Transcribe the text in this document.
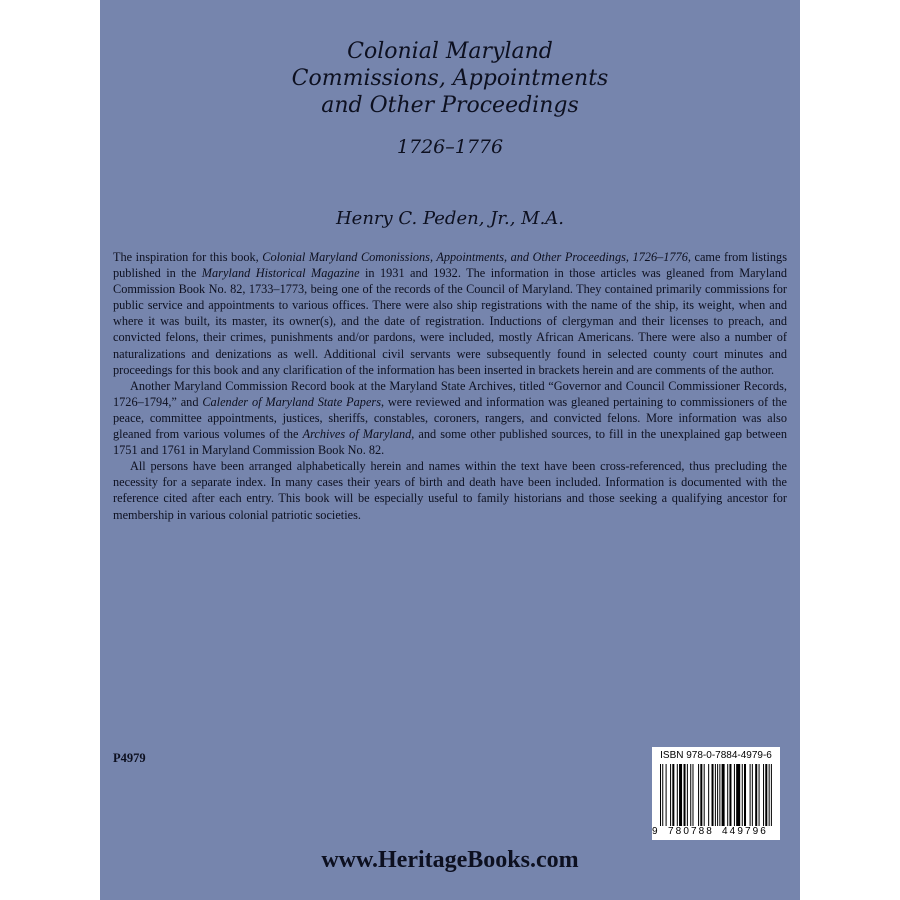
Colonial Maryland
Commissions, Appointments
and Other Proceedings
1726–1776
Henry C. Peden, Jr., M.A.

The inspiration for this book, Colonial Maryland Comonissions, Appointments, and Other Proceedings, 1726–1776, came from listings published in the Maryland Historical Magazine in 1931 and 1932. The information in those articles was gleaned from Maryland Commission Book No. 82, 1733–1773, being one of the records of the Council of Maryland. They contained primarily commissions for public service and appointments to various offices. There were also ship registrations with the name of the ship, its weight, when and where it was built, its master, its owner(s), and the date of registration. Inductions of clergyman and their licenses to preach, and convicted felons, their crimes, punishments and/or pardons, were included, mostly African Americans. There were also a number of naturalizations and denizations as well. Additional civil servants were subsequently found in selected county court minutes and proceedings for this book and any clarification of the information has been inserted in brackets herein and are comments of the author.

Another Maryland Commission Record book at the Maryland State Archives, titled “Governor and Council Commissioner Records, 1726–1794,” and Calender of Maryland State Papers, were reviewed and information was gleaned pertaining to commissioners of the peace, committee appointments, justices, sheriffs, constables, coroners, rangers, and convicted felons. More information was also gleaned from various volumes of the Archives of Maryland, and some other published sources, to fill in the unexplained gap between 1751 and 1761 in Maryland Commission Book No. 82.

All persons have been arranged alphabetically herein and names within the text have been cross-referenced, thus precluding the necessity for a separate index. In many cases their years of birth and death have been included. Information is documented with the reference cited after each entry. This book will be especially useful to family historians and those seeking a qualifying ancestor for membership in various colonial patriotic societies.

P4979	ISBN 978-0-7884-4979-6
9 780788 449796
www.HeritageBooks.com
